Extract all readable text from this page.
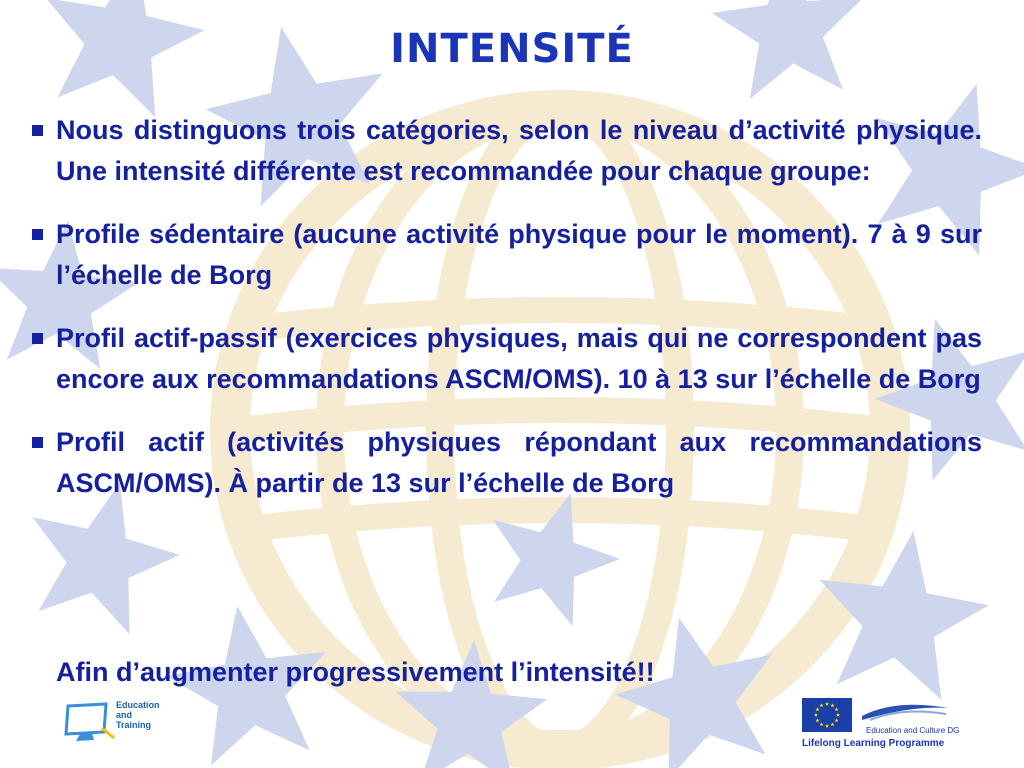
INTENSITÉ
Nous distinguons trois catégories, selon le niveau d’activité physique. Une intensité différente est recommandée pour chaque groupe:
Profile sédentaire (aucune activité physique pour le moment). 7 à 9 sur l’échelle de Borg
Profil actif-passif (exercices physiques, mais qui ne correspondent pas encore aux recommandations ASCM/OMS). 10 à 13 sur l’échelle de Borg
Profil actif (activités physiques répondant aux recommandations ASCM/OMS). À partir de 13 sur l’échelle de Borg
Afin d’augmenter progressivement l’intensité!!
Education
and
Training
Education and Culture DG
Lifelong Learning Programme
